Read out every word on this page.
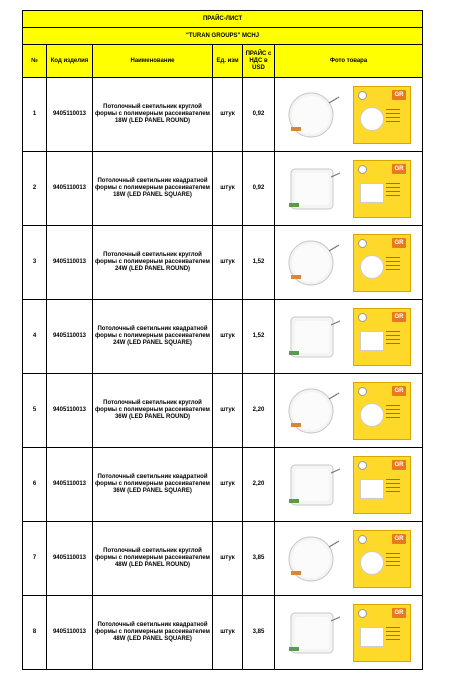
ПРАЙС-ЛИСТ					
"TURAN GROUPS" MCHJ					
№	Код изделия	Наименование	Ед. изм	ПРАЙС с НДС в USD	Фото товара
1	9405110013	Потолочный светильник круглой формы с полимерным рассеивателем 18W (LED PANEL ROUND)	штук	0,92	GR

2	9405110013	Потолочный светильник квадратной формы с полимерным рассеивателем 18W (LED PANEL SQUARE)	штук	0,92	GR

3	9405110013	Потолочный светильник круглой формы с полимерным рассеивателем 24W (LED PANEL ROUND)	штук	1,52	GR

4	9405110013	Потолочный светильник квадратной формы с полимерным рассеивателем 24W (LED PANEL SQUARE)	штук	1,52	GR

5	9405110013	Потолочный светильник круглой формы с полимерным рассеивателем 36W (LED PANEL ROUND)	штук	2,20	GR

6	9405110013	Потолочный светильник квадратной формы с полимерным рассеивателем 36W (LED PANEL SQUARE)	штук	2,20	GR

7	9405110013	Потолочный светильник круглой формы с полимерным рассеивателем 48W (LED PANEL ROUND)	штук	3,85	GR

8	9405110013	Потолочный светильник квадратной формы с полимерным рассеивателем 48W (LED PANEL SQUARE)	штук	3,85	GR
